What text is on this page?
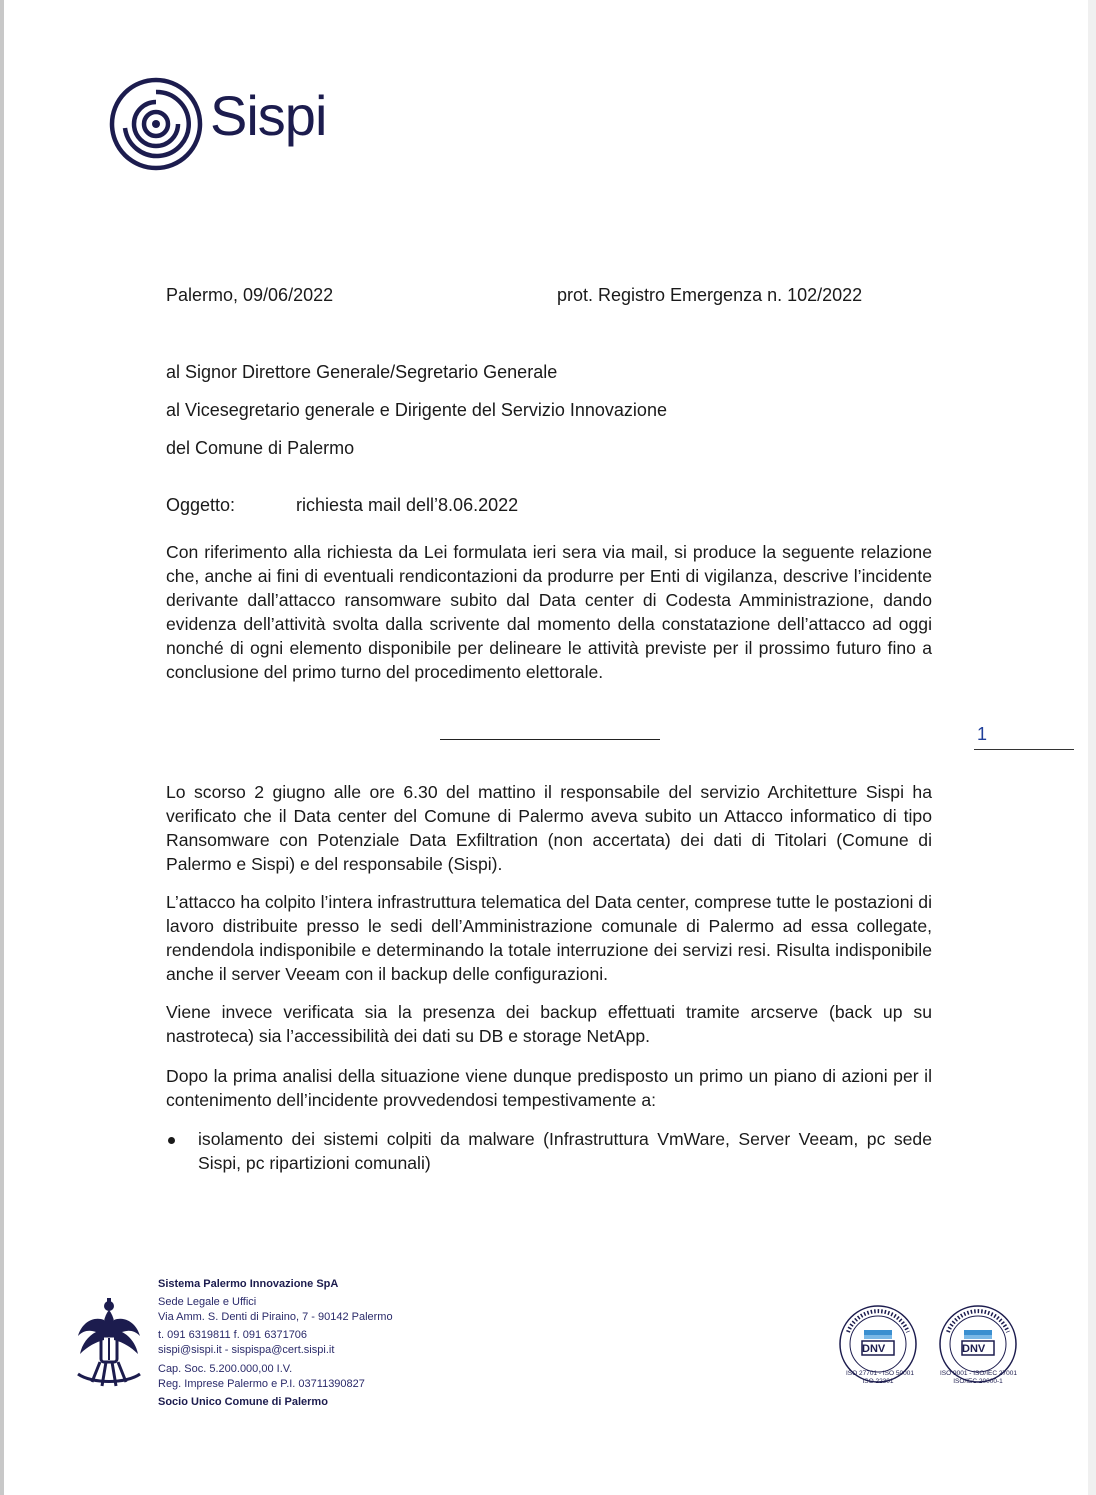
Sispi
Palermo, 09/06/2022	prot. Registro Emergenza n. 102/2022
al Signor Direttore Generale/Segretario Generale
al Vicesegretario generale e Dirigente del Servizio Innovazione
del Comune di Palermo
Oggetto:	richiesta mail dell’8.06.2022
Con riferimento alla richiesta da Lei formulata ieri sera via mail, si produce la seguente relazione che, anche ai fini di eventuali rendicontazioni da produrre per Enti di vigilanza, descrive l’incidente derivante dall’attacco ransomware subito dal Data center di Codesta Amministrazione, dando evidenza dell’attività svolta dalla scrivente dal momento della constatazione dell’attacco ad oggi nonché di ogni elemento disponibile per delineare le attività previste per il prossimo futuro fino a conclusione del primo turno del procedimento elettorale.
1
Lo scorso 2 giugno alle ore 6.30 del mattino il responsabile del servizio Architetture Sispi ha verificato che il Data center del Comune di Palermo aveva subito un Attacco informatico di tipo Ransomware con Potenziale Data Exfiltration (non accertata) dei dati di Titolari (Comune di Palermo e Sispi) e del responsabile (Sispi).
L’attacco ha colpito l’intera infrastruttura telematica del Data center, comprese tutte le postazioni di lavoro distribuite presso le sedi dell’Amministrazione comunale di Palermo ad essa collegate, rendendola indisponibile e determinando la totale interruzione dei servizi resi. Risulta indisponibile anche il server Veeam con il backup delle configurazioni.
Viene invece verificata sia la presenza dei backup effettuati tramite arcserve (back up su nastroteca) sia l’accessibilità dei dati su DB e storage NetApp.
Dopo la prima analisi della situazione viene dunque predisposto un primo un piano di azioni per il contenimento dell’incidente provvedendosi tempestivamente a:
isolamento dei sistemi colpiti da malware (Infrastruttura VmWare, Server Veeam, pc sede Sispi, pc ripartizioni comunali)
Sistema Palermo Innovazione SpA
Sede Legale e Uffici
Via Amm. S. Denti di Piraino, 7 - 90142 Palermo
t. 091 6319811 f. 091 6371706
sispi@sispi.it - sispispa@cert.sispi.it
Cap. Soc. 5.200.000,00 I.V.
Reg. Imprese Palermo e P.I. 03711390827
Socio Unico Comune di Palermo
DNV
ISO 27701 - ISO 50001
ISO 22301
DNV
ISO 9001 - ISO/IEC 27001
ISO/IEC 20000-1
